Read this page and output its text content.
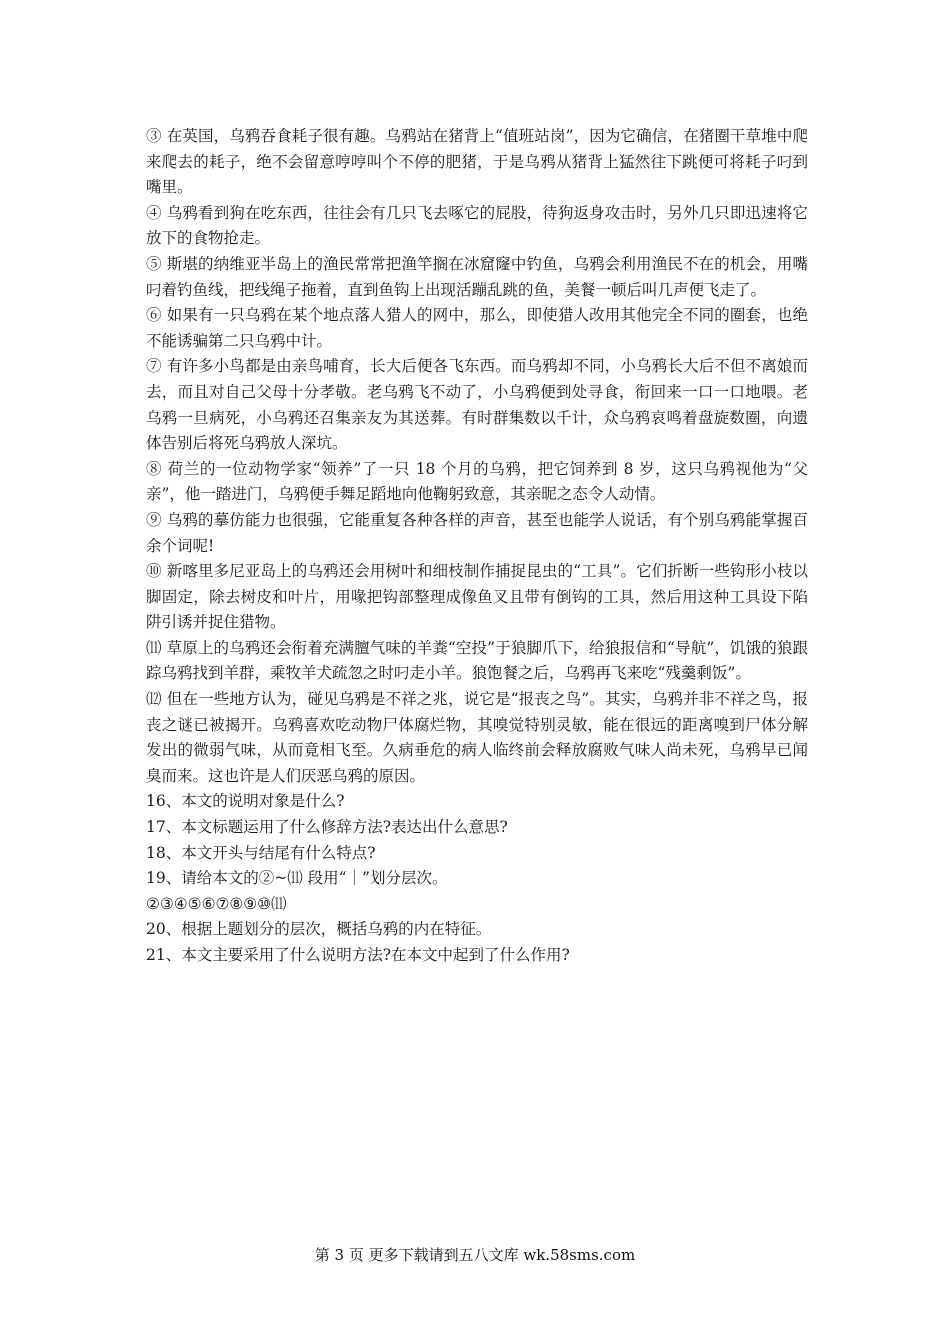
③ 在英国，乌鸦吞食耗子很有趣。乌鸦站在猪背上“值班站岗”，因为它确信，在猪圈干草堆中爬来爬去的耗子，绝不会留意哼哼叫个不停的肥猪，于是乌鸦从猪背上猛然往下跳便可将耗子叼到嘴里。

④ 乌鸦看到狗在吃东西，往往会有几只飞去啄它的屁股，待狗返身攻击时，另外几只即迅速将它放下的食物抢走。

⑤ 斯堪的纳维亚半岛上的渔民常常把渔竿搁在冰窟窿中钓鱼，乌鸦会利用渔民不在的机会，用嘴叼着钓鱼线，把线绳子拖着，直到鱼钩上出现活蹦乱跳的鱼，美餐一顿后叫几声便飞走了。

⑥ 如果有一只乌鸦在某个地点落人猎人的网中，那么，即使猎人改用其他完全不同的圈套，也绝不能诱骗第二只乌鸦中计。

⑦ 有许多小鸟都是由亲鸟哺育，长大后便各飞东西。而乌鸦却不同，小乌鸦长大后不但不离娘而去，而且对自己父母十分孝敬。老乌鸦飞不动了，小乌鸦便到处寻食，衔回来一口一口地喂。老乌鸦一旦病死，小乌鸦还召集亲友为其送葬。有时群集数以千计，众乌鸦哀鸣着盘旋数圈，向遗体告别后将死乌鸦放人深坑。

⑧ 荷兰的一位动物学家“领养”了一只 18 个月的乌鸦，把它饲养到 8 岁，这只乌鸦视他为“父亲”，他一踏进门，乌鸦便手舞足蹈地向他鞠躬致意，其亲昵之态令人动情。

⑨ 乌鸦的摹仿能力也很强，它能重复各种各样的声音，甚至也能学人说话，有个别乌鸦能掌握百余个词呢!

⑩ 新喀里多尼亚岛上的乌鸦还会用树叶和细枝制作捕捉昆虫的“工具”。它们折断一些钩形小枝以脚固定，除去树皮和叶片，用喙把钩部整理成像鱼叉且带有倒钩的工具，然后用这种工具设下陷阱引诱并捉住猎物。

⑾ 草原上的乌鸦还会衔着充满膻气味的羊粪“空投”于狼脚爪下，给狼报信和“导航”，饥饿的狼跟踪乌鸦找到羊群，乘牧羊犬疏忽之时叼走小羊。狼饱餐之后，乌鸦再飞来吃“残羹剩饭”。

⑿ 但在一些地方认为，碰见乌鸦是不祥之兆，说它是“报丧之鸟”。其实，乌鸦并非不祥之鸟，报丧之谜已被揭开。乌鸦喜欢吃动物尸体腐烂物，其嗅觉特别灵敏，能在很远的距离嗅到尸体分解发出的微弱气味，从而竟相飞至。久病垂危的病人临终前会释放腐败气味人尚未死，乌鸦早已闻臭而来。这也许是人们厌恶乌鸦的原因。

16、本文的说明对象是什么?

17、本文标题运用了什么修辞方法?表达出什么意思?

18、本文开头与结尾有什么特点?

19、请给本文的②~⑾ 段用“｜”划分层次。

②③④⑤⑥⑦⑧⑨⑩⑾

20、根据上题划分的层次，概括乌鸦的内在特征。

21、本文主要采用了什么说明方法?在本文中起到了什么作用?

第 3 页 更多下载请到五八文库 wk.58sms.com
